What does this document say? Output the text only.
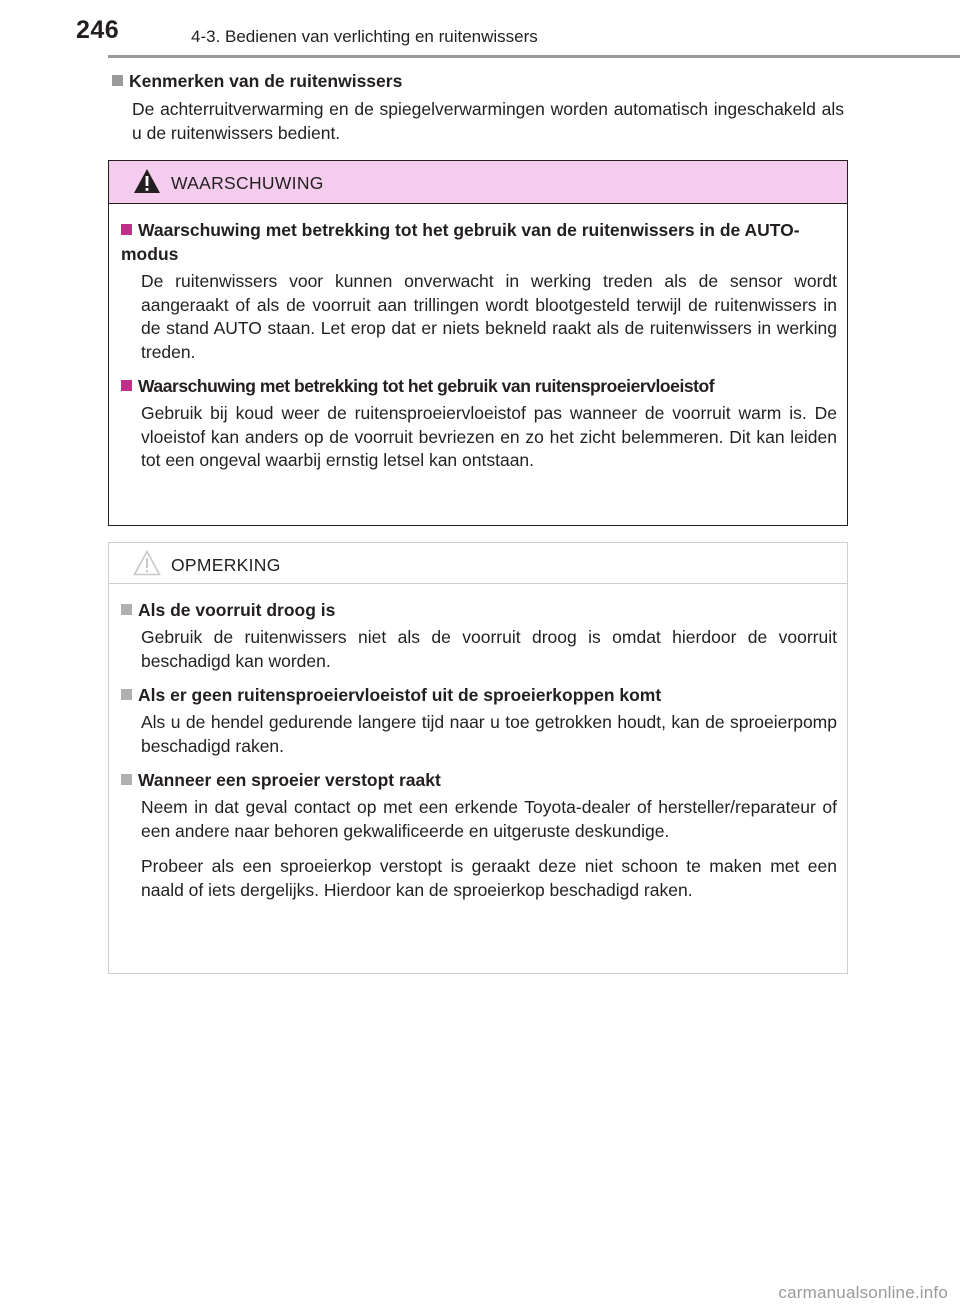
246	4-3. Bedienen van verlichting en ruitenwissers
Kenmerken van de ruitenwissers
De achterruitverwarming en de spiegelverwarmingen worden automatisch ingeschakeld als u de ruitenwissers bedient.
WAARSCHUWING
Waarschuwing met betrekking tot het gebruik van de ruitenwissers in de AUTO-modus
De ruitenwissers voor kunnen onverwacht in werking treden als de sensor wordt aangeraakt of als de voorruit aan trillingen wordt blootgesteld terwijl de ruitenwissers in de stand AUTO staan. Let erop dat er niets bekneld raakt als de ruitenwissers in werking treden.
Waarschuwing met betrekking tot het gebruik van ruitensproeiervloeistof
Gebruik bij koud weer de ruitensproeiervloeistof pas wanneer de voorruit warm is. De vloeistof kan anders op de voorruit bevriezen en zo het zicht belemmeren. Dit kan leiden tot een ongeval waarbij ernstig letsel kan ontstaan.
OPMERKING
Als de voorruit droog is
Gebruik de ruitenwissers niet als de voorruit droog is omdat hierdoor de voorruit beschadigd kan worden.
Als er geen ruitensproeiervloeistof uit de sproeierkoppen komt
Als u de hendel gedurende langere tijd naar u toe getrokken houdt, kan de sproeierpomp beschadigd raken.
Wanneer een sproeier verstopt raakt
Neem in dat geval contact op met een erkende Toyota-dealer of hersteller/reparateur of een andere naar behoren gekwalificeerde en uitgeruste deskundige.
Probeer als een sproeierkop verstopt is geraakt deze niet schoon te maken met een naald of iets dergelijks. Hierdoor kan de sproeierkop beschadigd raken.
carmanualsonline.info
